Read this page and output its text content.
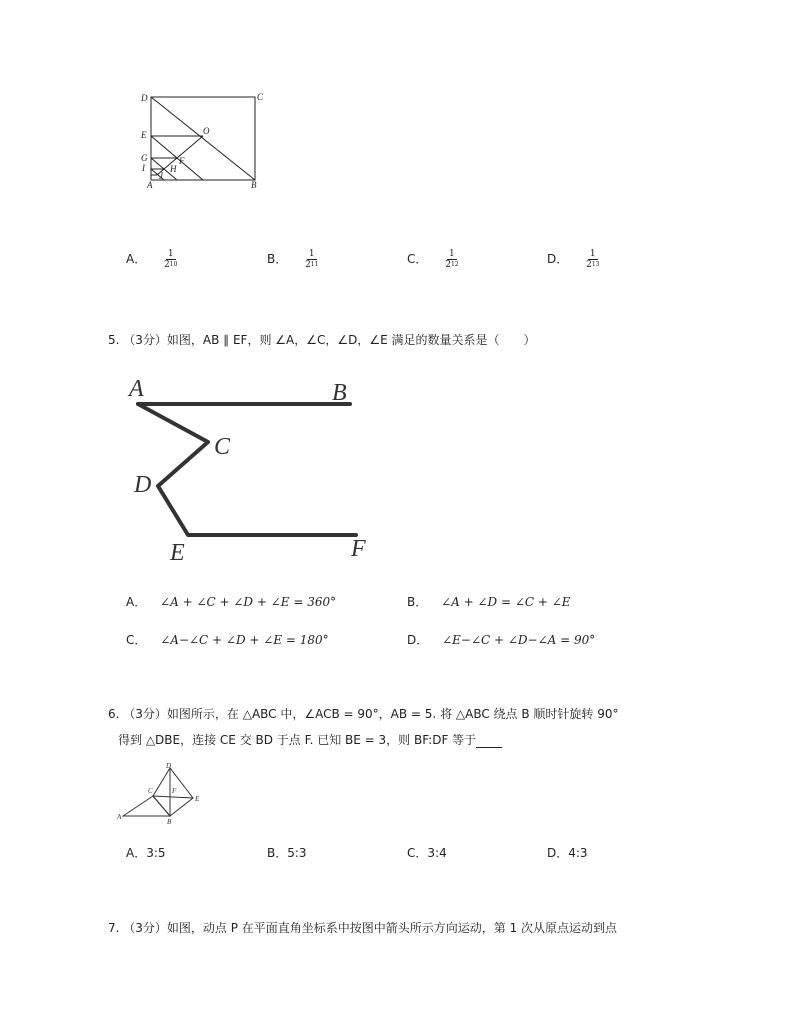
D	C
E	O
G	F
I	H
J
A	B
A． $\frac{1}{2^{10}}$	B． $\frac{1}{2^{11}}$	C． $\frac{1}{2^{12}}$	D． $\frac{1}{2^{13}}$
5. （3分）如图，AB ∥ EF，则 ∠A，∠C，∠D，∠E 满足的数量关系是（　　）
A	B
C
D
E	F
A． ∠A + ∠C + ∠D + ∠E = 360°	B． ∠A + ∠D = ∠C + ∠E
C． ∠A−∠C + ∠D + ∠E = 180°	D． ∠E−∠C + ∠D−∠A = 90°
6. （3分）如图所示，在 △ABC 中，∠ACB = 90°，AB = 5. 将 △ABC 绕点 B 顺时针旋转 90°
得到 △DBE，连接 CE 交 BD 于点 F. 已知 BE = 3，则 BF:DF 等于
D
C	F
E
A
B
A．3:5	B．5:3	C．3:4	D．4:3
7. （3分）如图，动点 P 在平面直角坐标系中按图中箭头所示方向运动，第 1 次从原点运动到点
